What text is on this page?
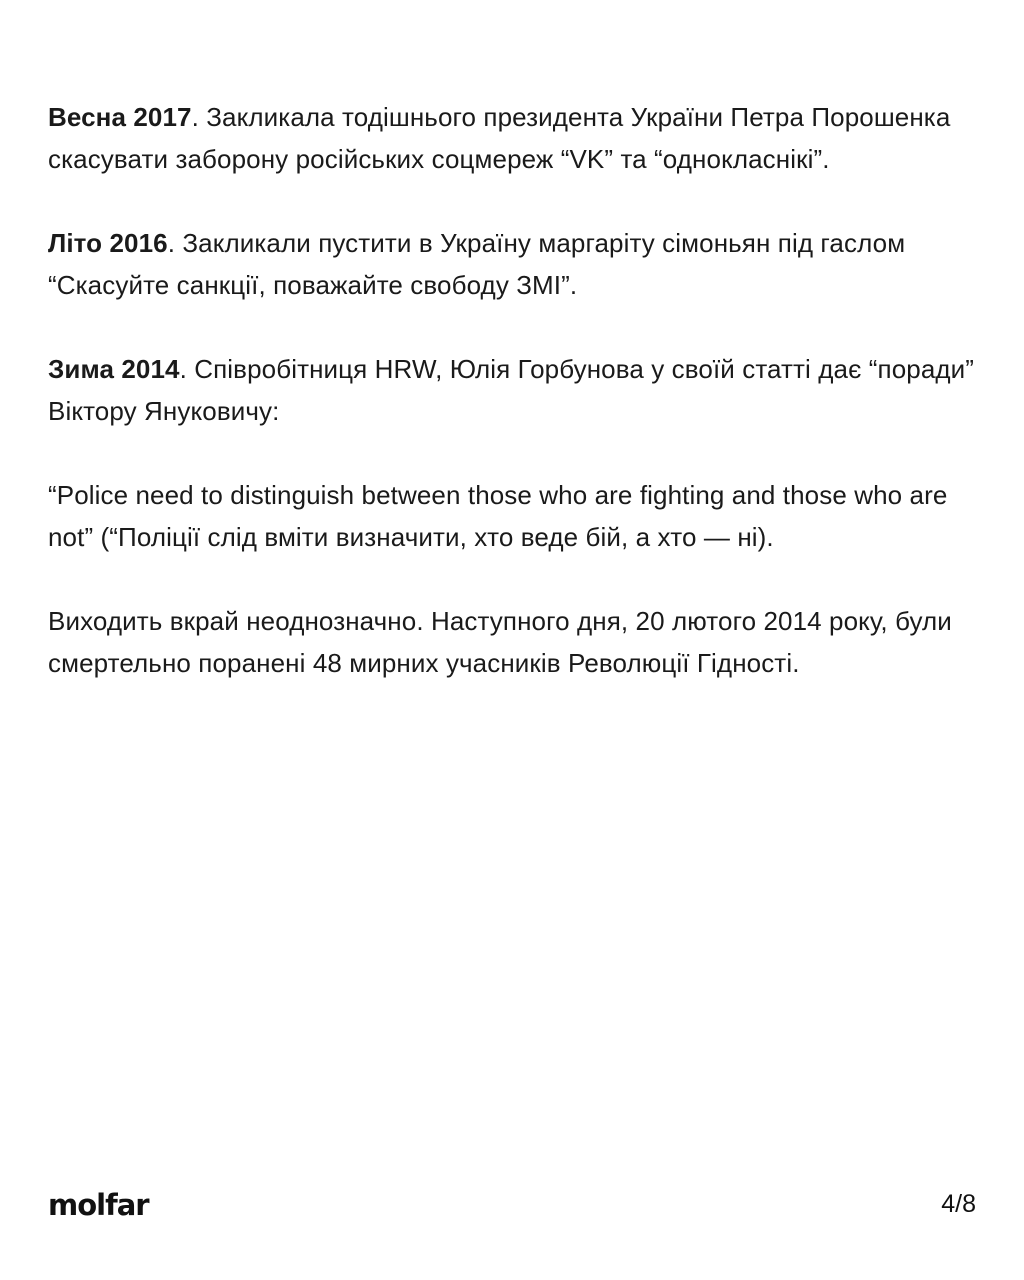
Весна 2017. Закликала тодішнього президента України Петра Порошенка скасувати заборону російських соцмереж “VK” та “однокласнікі”.

Літо 2016. Закликали пустити в Україну маргаріту сімоньян під гаслом “Скасуйте санкції, поважайте свободу ЗМІ”.

Зима 2014. Співробітниця HRW, Юлія Горбунова у своїй статті дає “поради” Віктору Януковичу:

“Police need to distinguish between those who are fighting and those who are not” (“Поліції слід вміти визначити, хто веде бій, а хто — ні).

Виходить вкрай неоднозначно. Наступного дня, 20 лютого 2014 року, були смертельно поранені 48 мирних учасників Революції Гідності.

molfar	4/8
